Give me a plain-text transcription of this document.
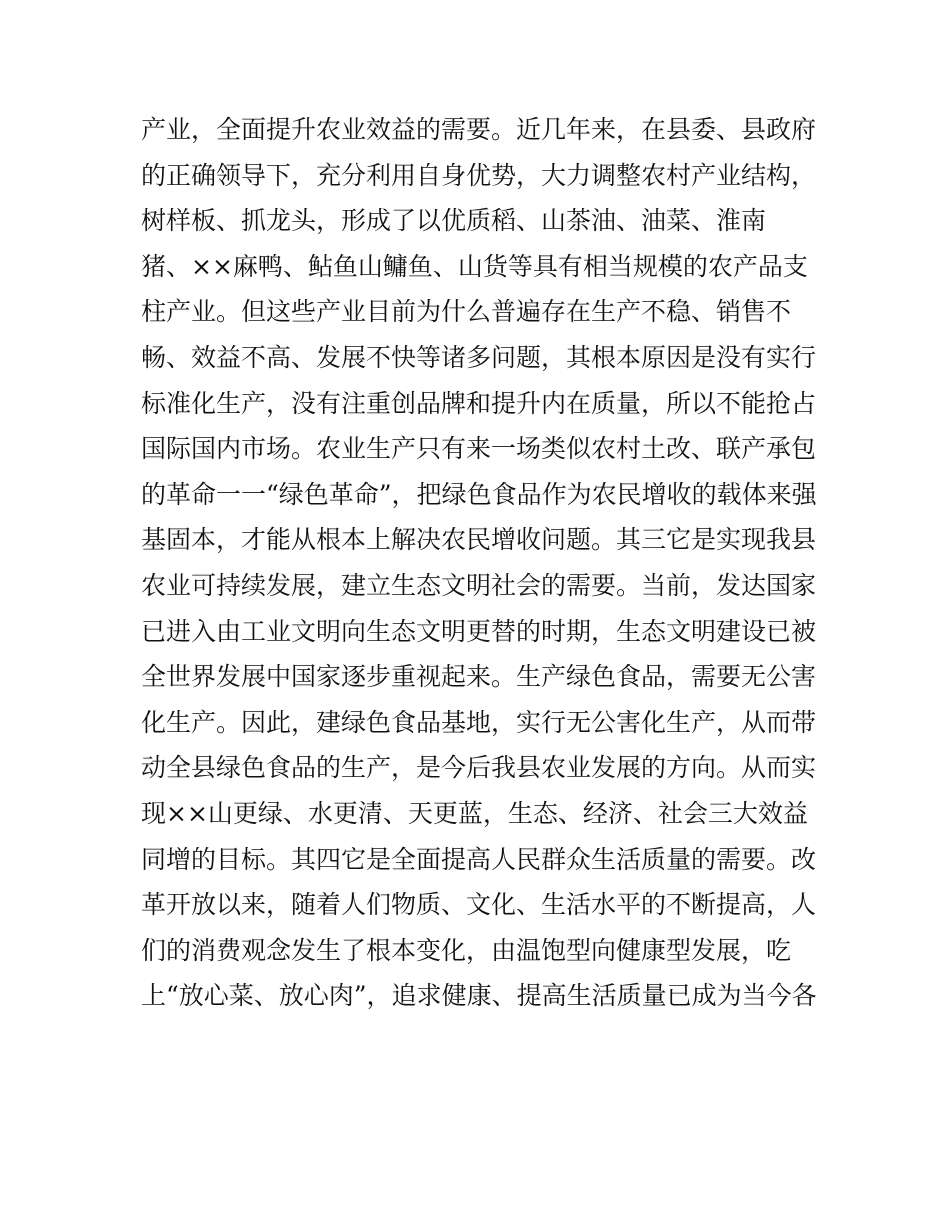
产业，全面提升农业效益的需要。近几年来，在县委、县政府
的正确领导下，充分利用自身优势，大力调整农村产业结构，
树样板、抓龙头，形成了以优质稻、山茶油、油菜、淮南
猪、××麻鸭、鲇鱼山鳙鱼、山货等具有相当规模的农产品支
柱产业。但这些产业目前为什么普遍存在生产不稳、销售不
畅、效益不高、发展不快等诸多问题，其根本原因是没有实行
标准化生产，没有注重创品牌和提升内在质量，所以不能抢占
国际国内市场。农业生产只有来一场类似农村土改、联产承包
的革命一一“绿色革命”，把绿色食品作为农民增收的载体来强
基固本，才能从根本上解决农民增收问题。其三它是实现我县
农业可持续发展，建立生态文明社会的需要。当前，发达国家
已进入由工业文明向生态文明更替的时期，生态文明建设已被
全世界发展中国家逐步重视起来。生产绿色食品，需要无公害
化生产。因此，建绿色食品基地，实行无公害化生产，从而带
动全县绿色食品的生产，是今后我县农业发展的方向。从而实
现××山更绿、水更清、天更蓝，生态、经济、社会三大效益
同增的目标。其四它是全面提高人民群众生活质量的需要。改
革开放以来，随着人们物质、文化、生活水平的不断提高，人
们的消费观念发生了根本变化，由温饱型向健康型发展，吃
上“放心菜、放心肉”，追求健康、提高生活质量已成为当今各
